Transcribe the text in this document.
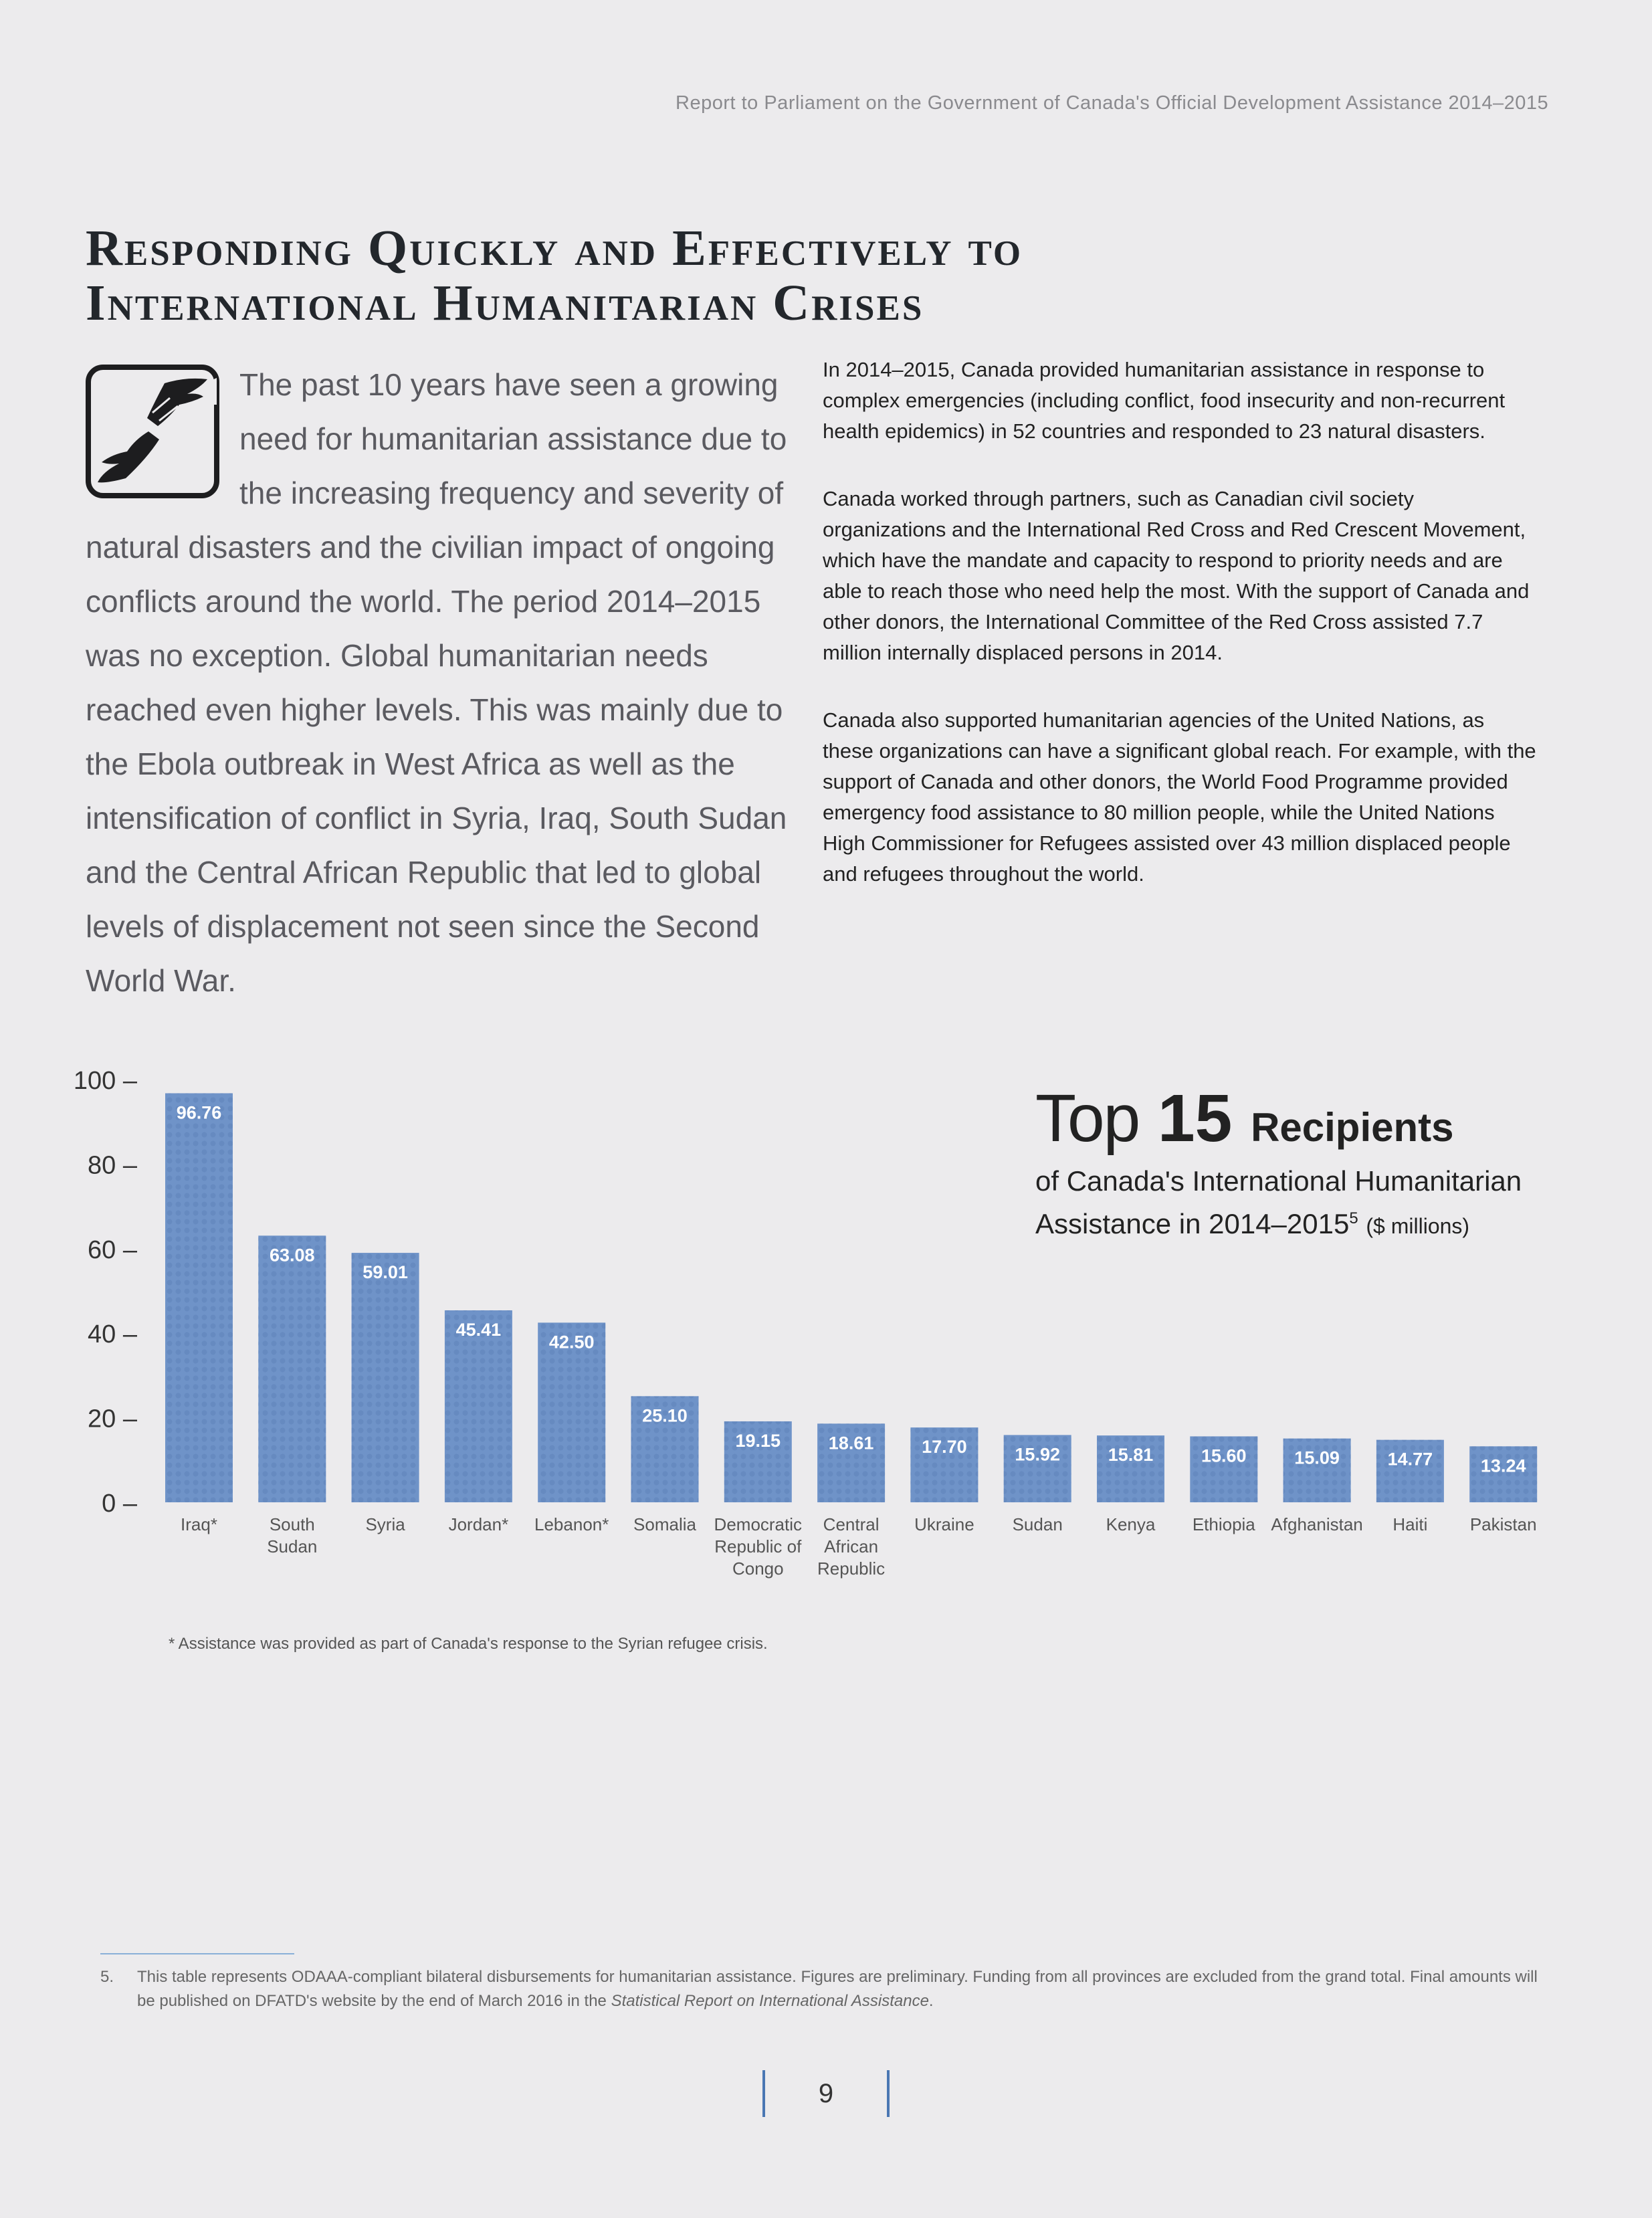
Report to Parliament on the Government of Canada's Official Development Assistance 2014–2015
Responding Quickly and Effectively to
International Humanitarian Crises
The past 10 years have seen a growing need for humanitarian assistance due to the increasing frequency and severity of natural disasters and the civilian impact of ongoing conflicts around the world. The period 2014–2015 was no exception. Global humanitarian needs reached even higher levels. This was mainly due to the Ebola outbreak in West Africa as well as the intensification of conflict in Syria, Iraq, South Sudan and the Central African Republic that led to global levels of displacement not seen since the Second World War.

In 2014–2015, Canada provided humanitarian assistance in response to complex emergencies (including conflict, food insecurity and non-recurrent health epidemics) in 52 countries and responded to 23 natural disasters.

Canada worked through partners, such as Canadian civil society organizations and the International Red Cross and Red Crescent Movement, which have the mandate and capacity to respond to priority needs and are able to reach those who need help the most. With the support of Canada and other donors, the International Committee of the Red Cross assisted 7.7 million internally displaced persons in 2014.

Canada also supported humanitarian agencies of the United Nations, as these organizations can have a significant global reach. For example, with the support of Canada and other donors, the World Food Programme provided emergency food assistance to 80 million people, while the United Nations High Commissioner for Refugees assisted over 43 million displaced people and refugees throughout the world.

0 –
20 –
40 –
60 –
80 –
100 –
96.76
Iraq*
63.08
South
Sudan
59.01
Syria
45.41
Jordan*
42.50
Lebanon*
25.10
Somalia
19.15
Democratic
Republic of
Congo
18.61
Central
African
Republic
17.70
Ukraine
15.92
Sudan
15.81
Kenya
15.60
Ethiopia
15.09
Afghanistan
14.77
Haiti
13.24
Pakistan
Top 15 Recipients
of Canada's International Humanitarian
Assistance in 2014–2015$^5$ ($ millions)
* Assistance was provided as part of Canada's response to the Syrian refugee crisis.
5. This table represents ODAAA-compliant bilateral disbursements for humanitarian assistance. Figures are preliminary. Funding from all provinces are excluded from the grand total. Final amounts will be published on DFATD's website by the end of March 2016 in the Statistical Report on International Assistance.
9
